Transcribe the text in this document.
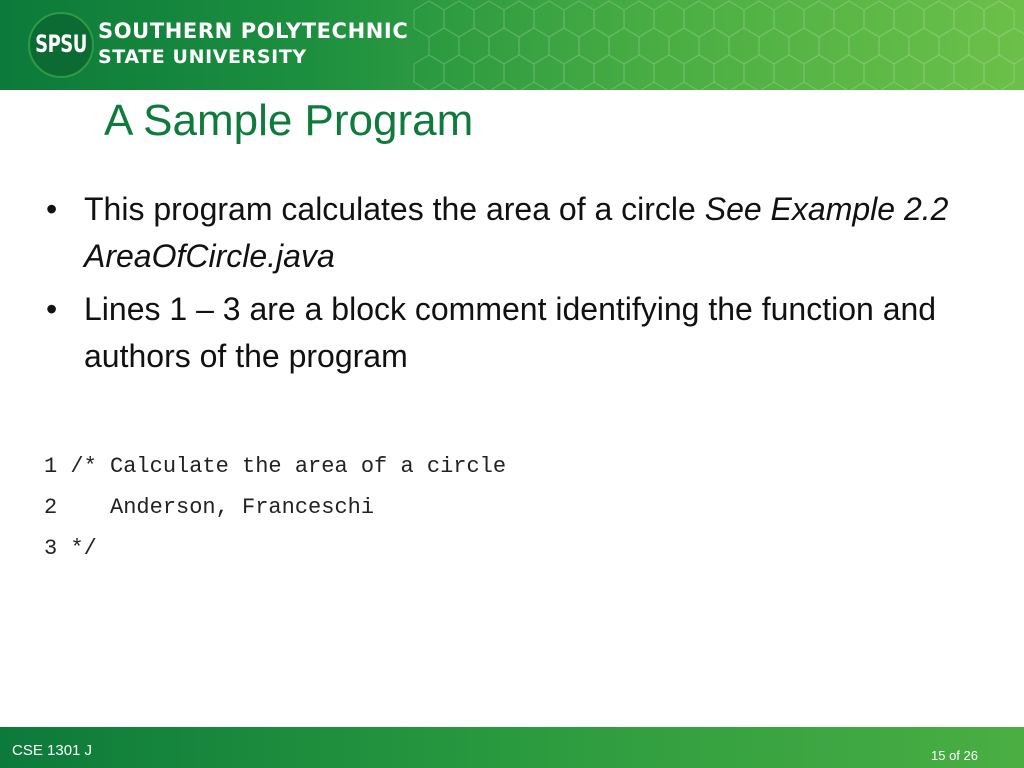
SPSU SOUTHERN POLYTECHNIC
STATE UNIVERSITY
A Sample Program
• This program calculates the area of a circle See Example 2.2 AreaOfCircle.java
• Lines 1 – 3 are a block comment identifying the function and authors of the program
1 /* Calculate the area of a circle
2    Anderson, Franceschi
3 */
CSE 1301 J	15 of 26
